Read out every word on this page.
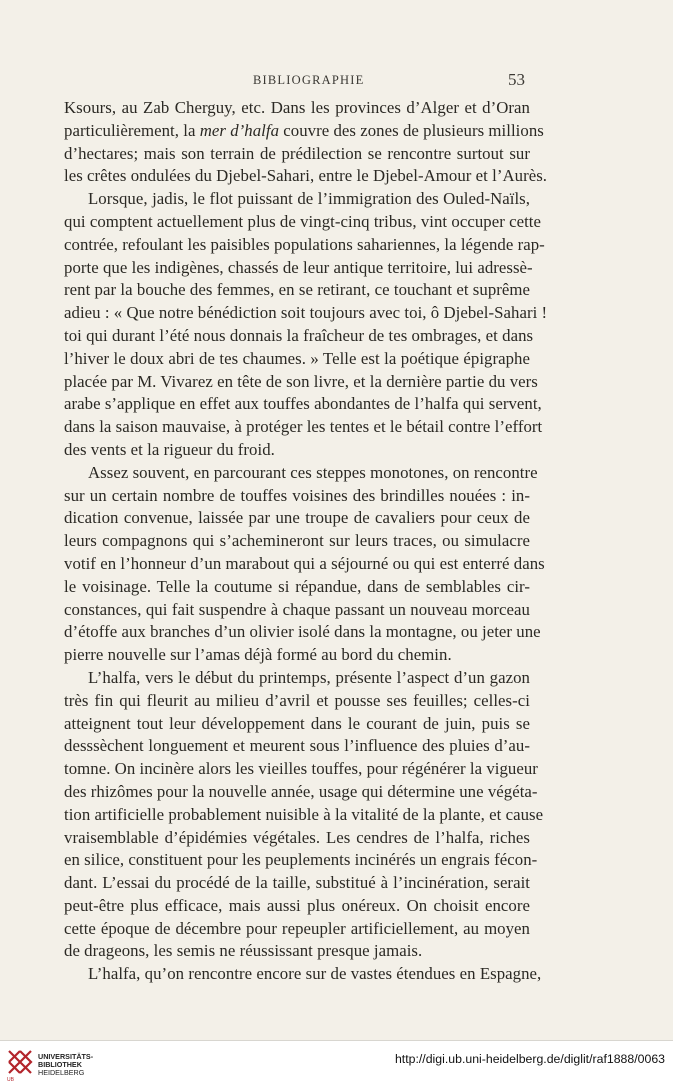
BIBLIOGRAPHIE	53
Ksours, au Zab Cherguy, etc. Dans les provinces d’Alger et d’Oran
particulièrement, la mer d’halfa couvre des zones de plusieurs millions
d’hectares; mais son terrain de prédilection se rencontre surtout sur
les crêtes ondulées du Djebel-Sahari, entre le Djebel-Amour et l’Aurès.
Lorsque, jadis, le flot puissant de l’immigration des Ouled-Naïls,
qui comptent actuellement plus de vingt-cinq tribus, vint occuper cette
contrée, refoulant les paisibles populations sahariennes, la légende rap-
porte que les indigènes, chassés de leur antique territoire, lui adressè-
rent par la bouche des femmes, en se retirant, ce touchant et suprême
adieu : « Que notre bénédiction soit toujours avec toi, ô Djebel-Sahari !
toi qui durant l’été nous donnais la fraîcheur de tes ombrages, et dans
l’hiver le doux abri de tes chaumes. » Telle est la poétique épigraphe
placée par M. Vivarez en tête de son livre, et la dernière partie du vers
arabe s’applique en effet aux touffes abondantes de l’halfa qui servent,
dans la saison mauvaise, à protéger les tentes et le bétail contre l’effort
des vents et la rigueur du froid.
Assez souvent, en parcourant ces steppes monotones, on rencontre
sur un certain nombre de touffes voisines des brindilles nouées : in-
dication convenue, laissée par une troupe de cavaliers pour ceux de
leurs compagnons qui s’achemineront sur leurs traces, ou simulacre
votif en l’honneur d’un marabout qui a séjourné ou qui est enterré dans
le voisinage. Telle la coutume si répandue, dans de semblables cir-
constances, qui fait suspendre à chaque passant un nouveau morceau
d’étoffe aux branches d’un olivier isolé dans la montagne, ou jeter une
pierre nouvelle sur l’amas déjà formé au bord du chemin.
L’halfa, vers le début du printemps, présente l’aspect d’un gazon
très fin qui fleurit au milieu d’avril et pousse ses feuilles; celles-ci
atteignent tout leur développement dans le courant de juin, puis se
desssèchent longuement et meurent sous l’influence des pluies d’au-
tomne. On incinère alors les vieilles touffes, pour régénérer la vigueur
des rhizômes pour la nouvelle année, usage qui détermine une végéta-
tion artificielle probablement nuisible à la vitalité de la plante, et cause
vraisemblable d’épidémies végétales. Les cendres de l’halfa, riches
en silice, constituent pour les peuplements incinérés un engrais fécon-
dant. L’essai du procédé de la taille, substitué à l’incinération, serait
peut-être plus efficace, mais aussi plus onéreux. On choisit encore
cette époque de décembre pour repeupler artificiellement, au moyen
de drageons, les semis ne réussissant presque jamais.
L’halfa, qu’on rencontre encore sur de vastes étendues en Espagne,
UB
UNIVERSITÄTS-
BIBLIOTHEK
HEIDELBERG
http://digi.ub.uni-heidelberg.de/diglit/raf1888/0063
